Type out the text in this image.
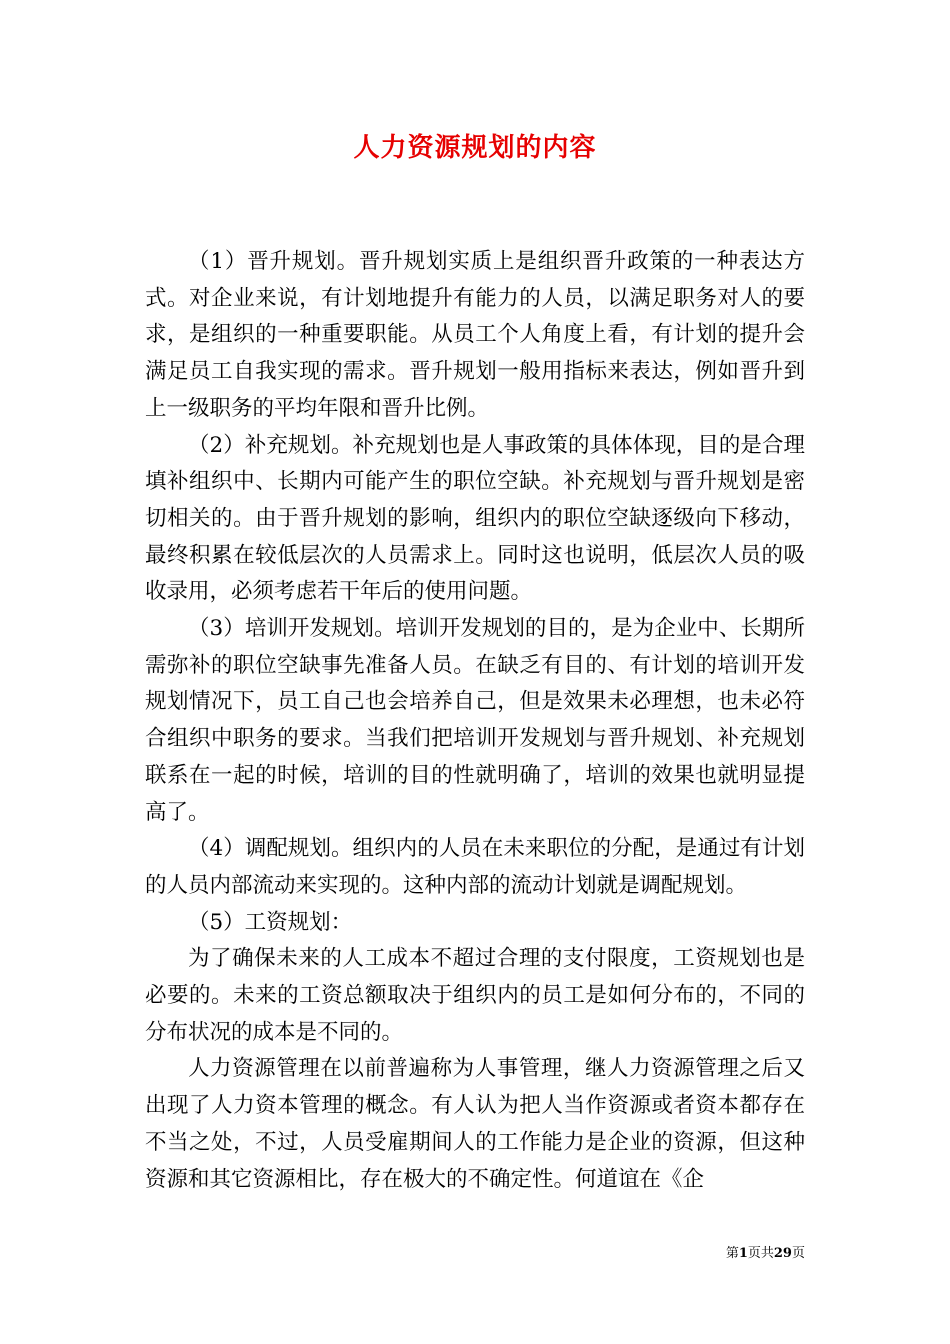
人力资源规划的内容

（1）晋升规划。晋升规划实质上是组织晋升政策的一种表达方式。对企业来说，有计划地提升有能力的人员，以满足职务对人的要求，是组织的一种重要职能。从员工个人角度上看，有计划的提升会满足员工自我实现的需求。晋升规划一般用指标来表达，例如晋升到上一级职务的平均年限和晋升比例。

（2）补充规划。补充规划也是人事政策的具体体现，目的是合理填补组织中、长期内可能产生的职位空缺。补充规划与晋升规划是密切相关的。由于晋升规划的影响，组织内的职位空缺逐级向下移动，最终积累在较低层次的人员需求上。同时这也说明，低层次人员的吸收录用，必须考虑若干年后的使用问题。

（3）培训开发规划。培训开发规划的目的，是为企业中、长期所需弥补的职位空缺事先准备人员。在缺乏有目的、有计划的培训开发规划情况下，员工自己也会培养自己，但是效果未必理想，也未必符合组织中职务的要求。当我们把培训开发规划与晋升规划、补充规划联系在一起的时候，培训的目的性就明确了，培训的效果也就明显提高了。

（4）调配规划。组织内的人员在未来职位的分配，是通过有计划的人员内部流动来实现的。这种内部的流动计划就是调配规划。

（5）工资规划：

为了确保未来的人工成本不超过合理的支付限度，工资规划也是必要的。未来的工资总额取决于组织内的员工是如何分布的，不同的分布状况的成本是不同的。

人力资源管理在以前普遍称为人事管理，继人力资源管理之后又出现了人力资本管理的概念。有人认为把人当作资源或者资本都存在不当之处，不过，人员受雇期间人的工作能力是企业的资源，但这种资源和其它资源相比，存在极大的不确定性。何道谊在《企

第1页共29页
